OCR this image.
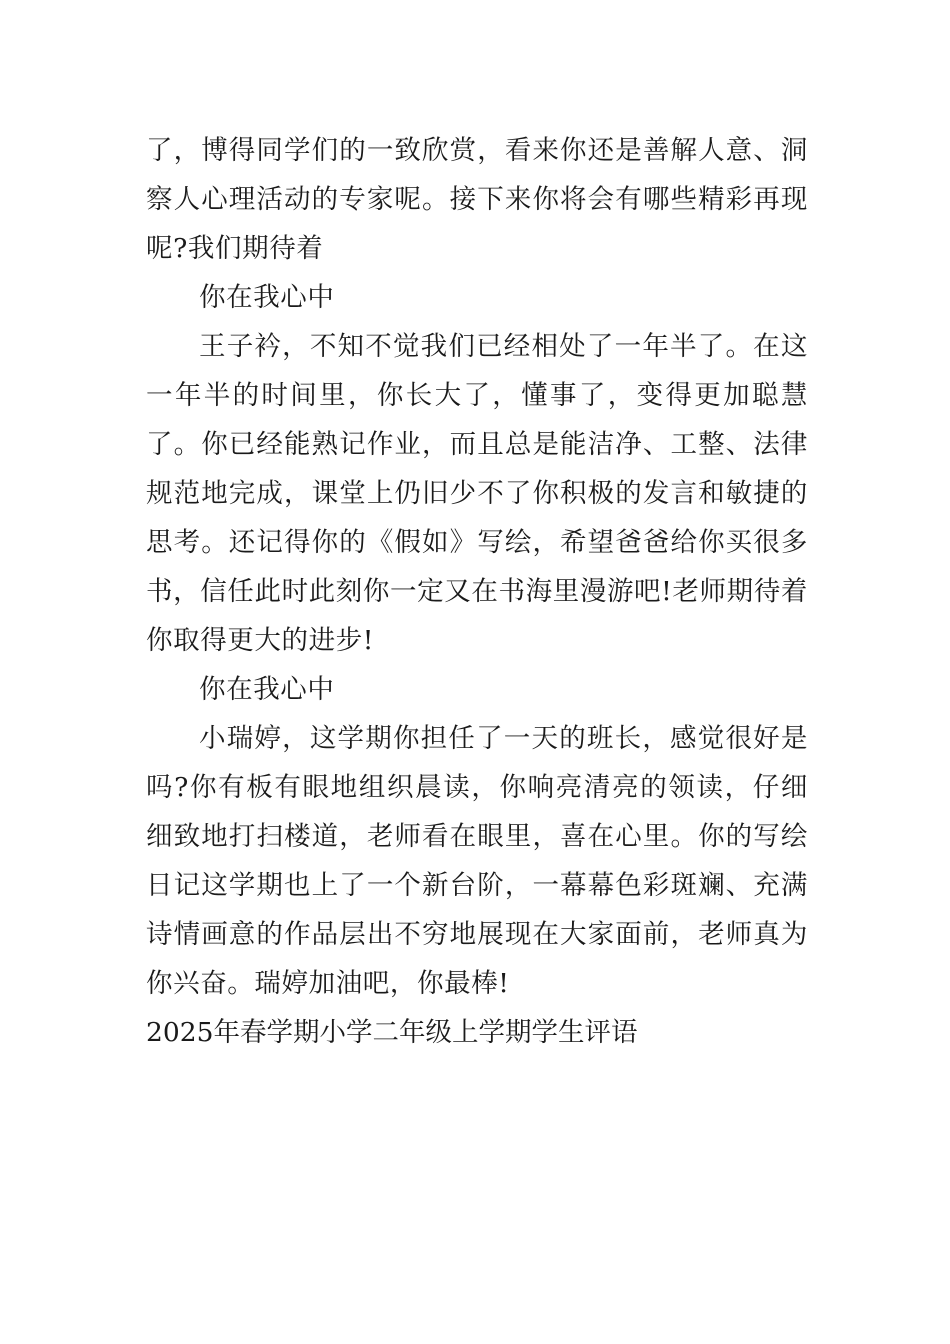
了，博得同学们的一致欣赏，看来你还是善解人意、洞察人心理活动的专家呢。接下来你将会有哪些精彩再现呢?我们期待着

你在我心中

王子衿，不知不觉我们已经相处了一年半了。在这一年半的时间里，你长大了，懂事了，变得更加聪慧了。你已经能熟记作业，而且总是能洁净、工整、法律规范地完成，课堂上仍旧少不了你积极的发言和敏捷的思考。还记得你的《假如》写绘，希望爸爸给你买很多书，信任此时此刻你一定又在书海里漫游吧!老师期待着你取得更大的进步!

你在我心中

小瑞婷，这学期你担任了一天的班长，感觉很好是吗?你有板有眼地组织晨读，你响亮清亮的领读，仔细细致地打扫楼道，老师看在眼里，喜在心里。你的写绘日记这学期也上了一个新台阶，一幕幕色彩斑斓、充满诗情画意的作品层出不穷地展现在大家面前，老师真为你兴奋。瑞婷加油吧，你最棒!

2025年春学期小学二年级上学期学生评语
